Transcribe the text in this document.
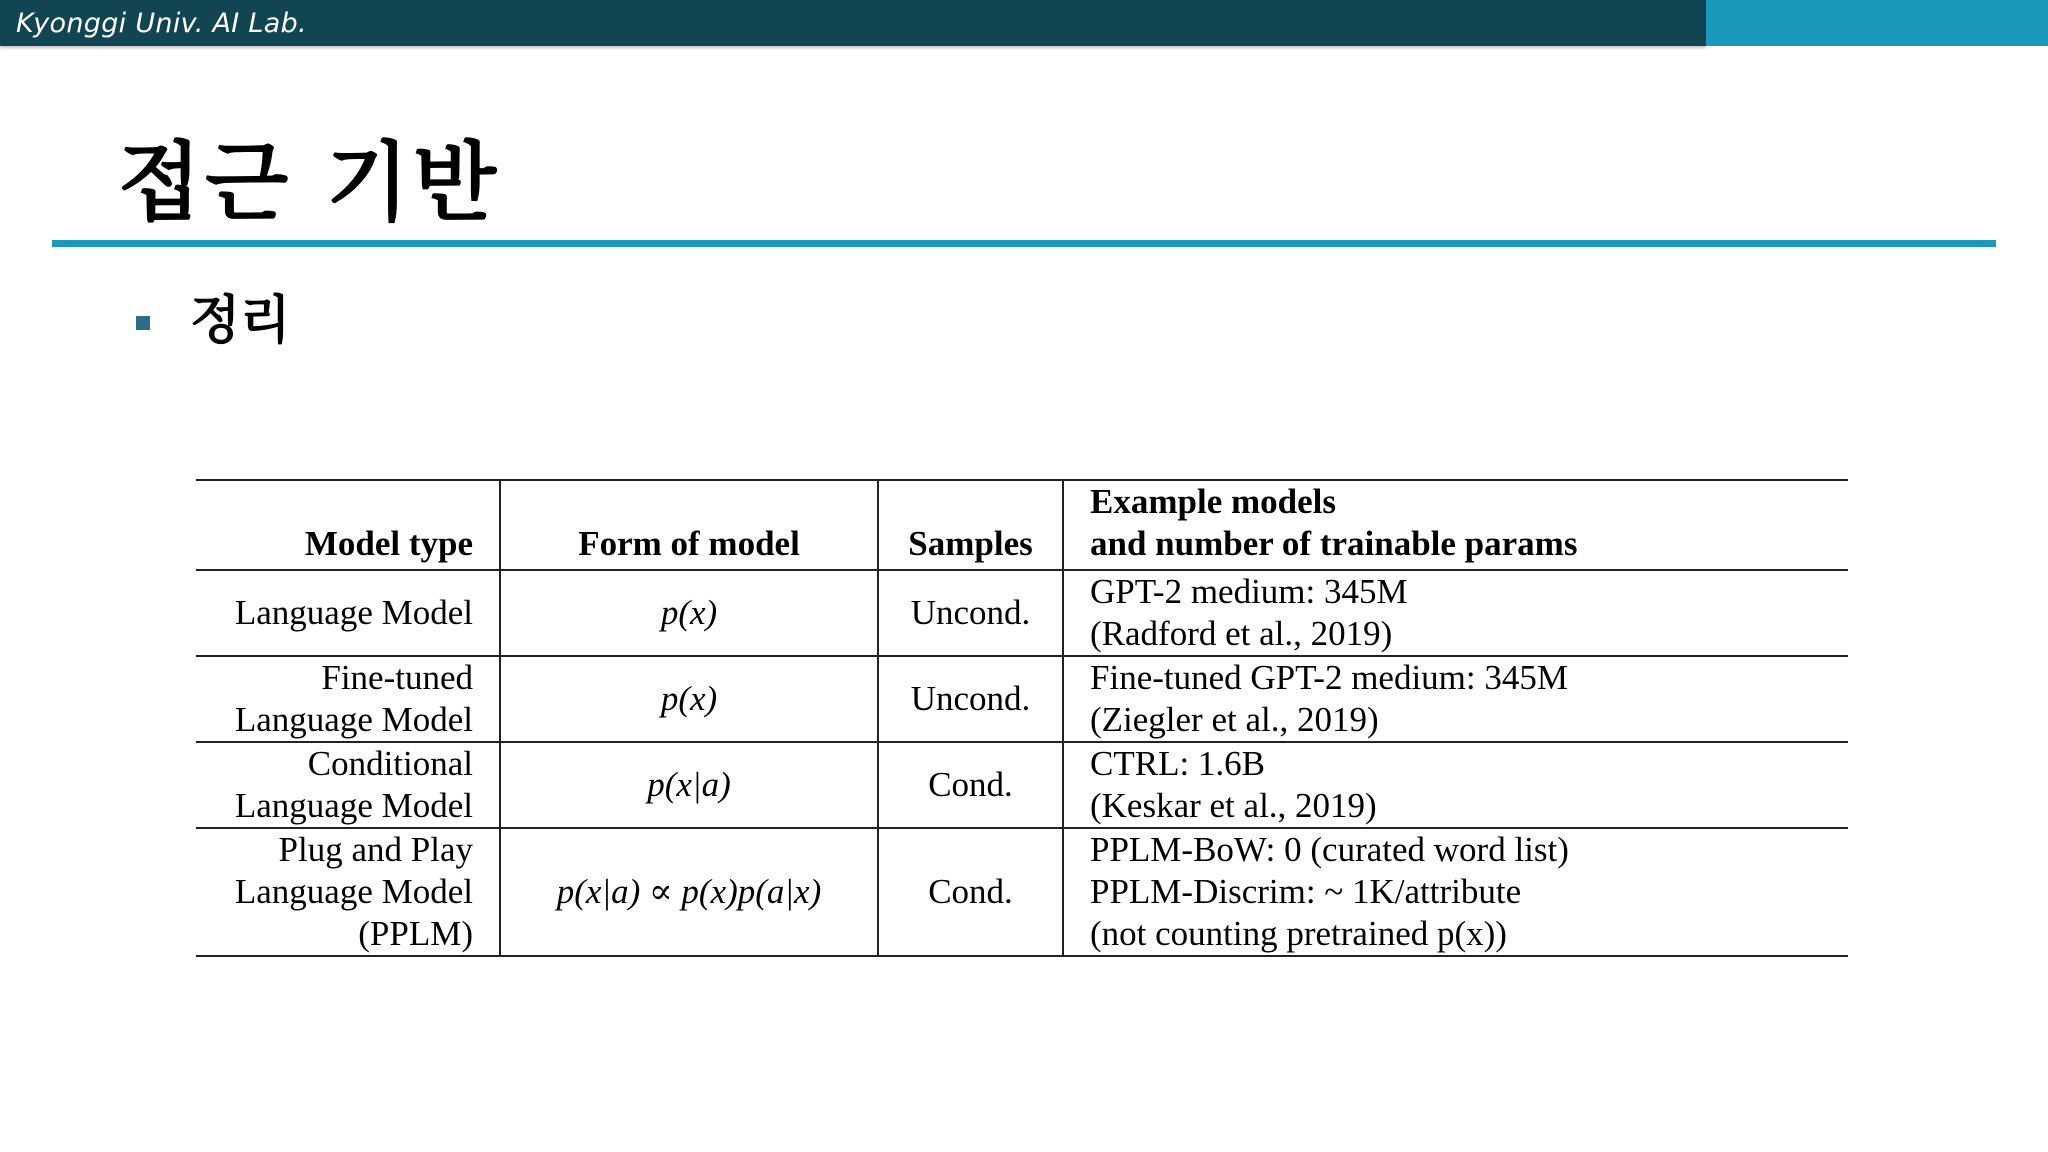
Kyonggi Univ. AI Lab.
접근 기반
정리
Model type	Form of model	Samples	Example models
and number of trainable params

Language Model	p(x)	Uncond.	GPT-2 medium: 345M
(Radford et al., 2019)

Fine-tuned
Language Model	p(x)	Uncond.	Fine-tuned GPT-2 medium: 345M
(Ziegler et al., 2019)

Conditional
Language Model	p(x|a)	Cond.	CTRL: 1.6B
(Keskar et al., 2019)

Plug and Play
Language Model
(PPLM)	p(x|a) ∝ p(x)p(a|x)	Cond.	PPLM-BoW: 0 (curated word list)
PPLM-Discrim: ~ 1K/attribute
(not counting pretrained p(x))
